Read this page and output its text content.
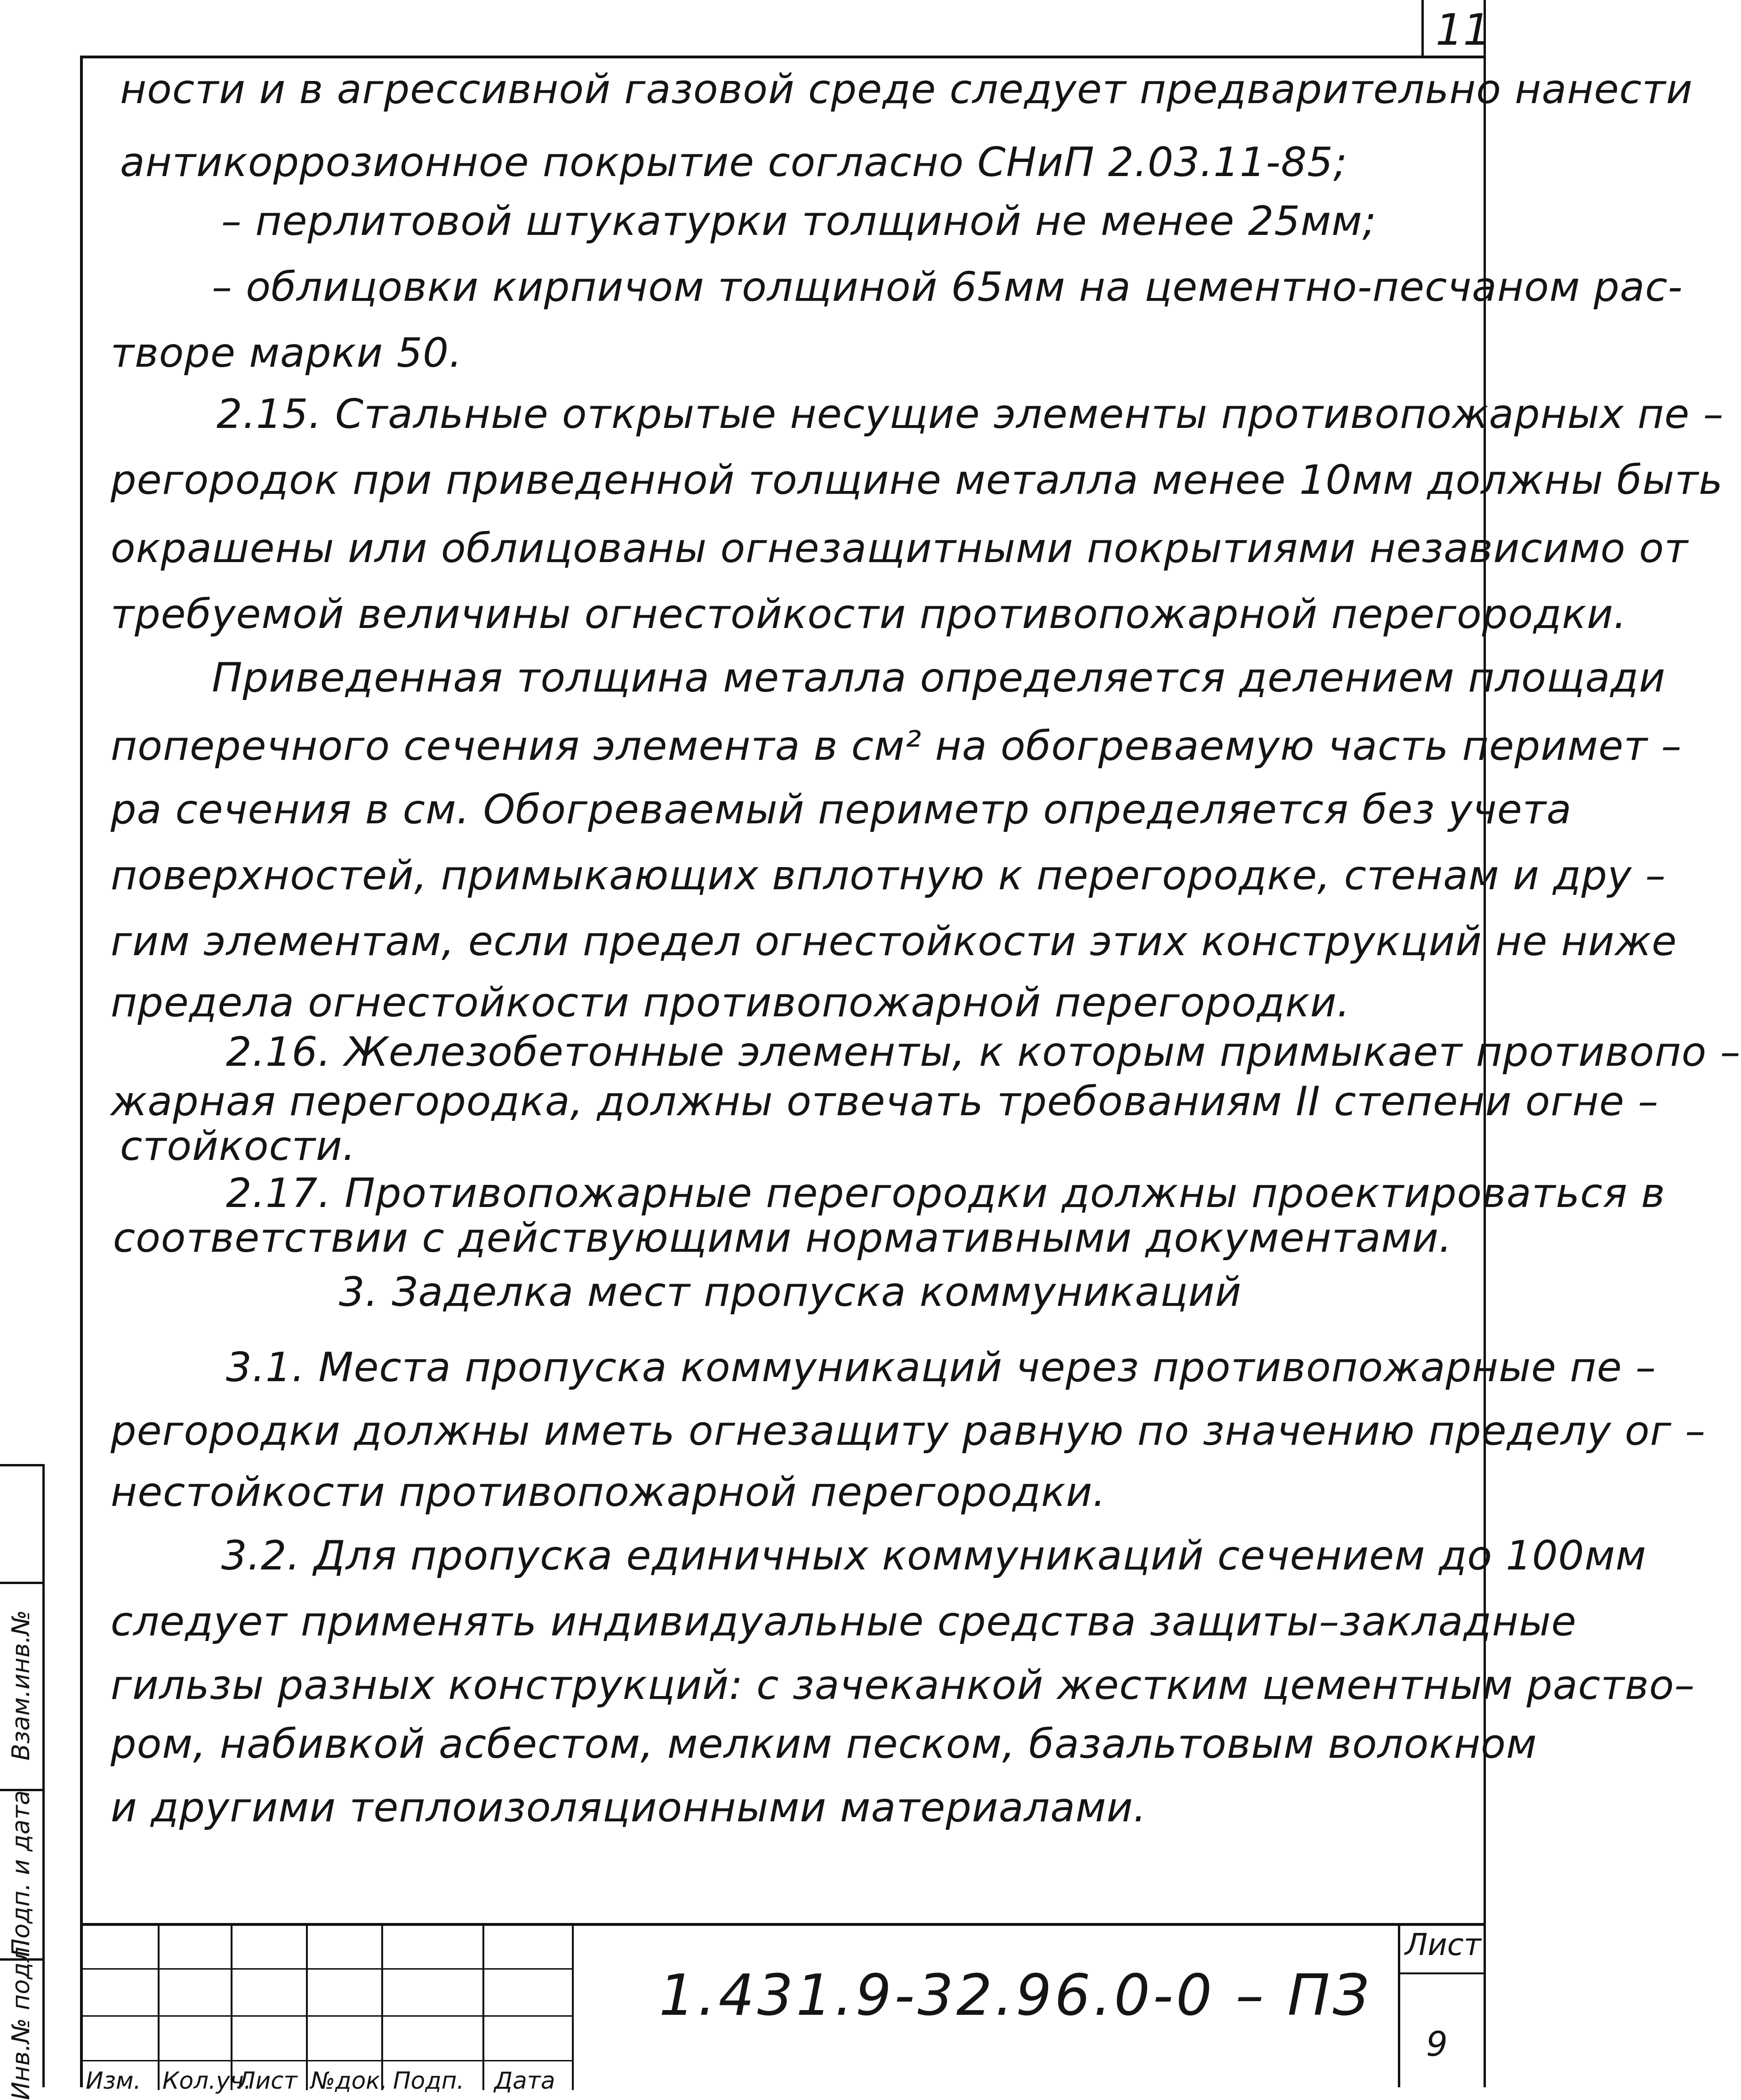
11
ности и в агрессивной газовой среде следует предварительно нанести
антикоррозионное покрытие согласно СНиП 2.03.11-85;
– перлитовой штукатурки толщиной не менее 25мм;
– облицовки кирпичом толщиной 65мм на цементно-песчаном рас-
творе марки 50.
2.15. Стальные открытые несущие элементы противопожарных пе –
регородок при приведенной толщине металла менее 10мм должны быть
окрашены или облицованы огнезащитными покрытиями независимо от
требуемой величины огнестойкости противопожарной перегородки.
Приведенная толщина металла определяется делением площади
поперечного сечения элемента в см² на обогреваемую часть перимет –
ра сечения в см. Обогреваемый периметр определяется без учета
поверхностей, примыкающих вплотную к перегородке, стенам и дру –
гим элементам, если предел огнестойкости этих конструкций не ниже
предела огнестойкости противопожарной перегородки.
2.16. Железобетонные элементы, к которым примыкает противопо –
жарная перегородка, должны отвечать требованиям II степени огне –
стойкости.
2.17. Противопожарные перегородки должны проектироваться в
соответствии с действующими нормативными документами.
3. Заделка мест пропуска коммуникаций
3.1. Места пропуска коммуникаций через противопожарные пе –
регородки должны иметь огнезащиту равную по значению пределу ог –
нестойкости противопожарной перегородки.
3.2. Для пропуска единичных коммуникаций сечением до 100мм
следует применять индивидуальные средства защиты–закладные
гильзы разных конструкций: с зачеканкой жестким цементным раство–
ром, набивкой асбестом, мелким песком, базальтовым волокном
и другими теплоизоляционными материалами.
Инв.№ подл.
Подп. и дата
Взам.инв.№
Изм. Кол.уч.
Лист №док. Подп. Дата
1.431.9-32.96.0-0 – ПЗ
Лист
9
